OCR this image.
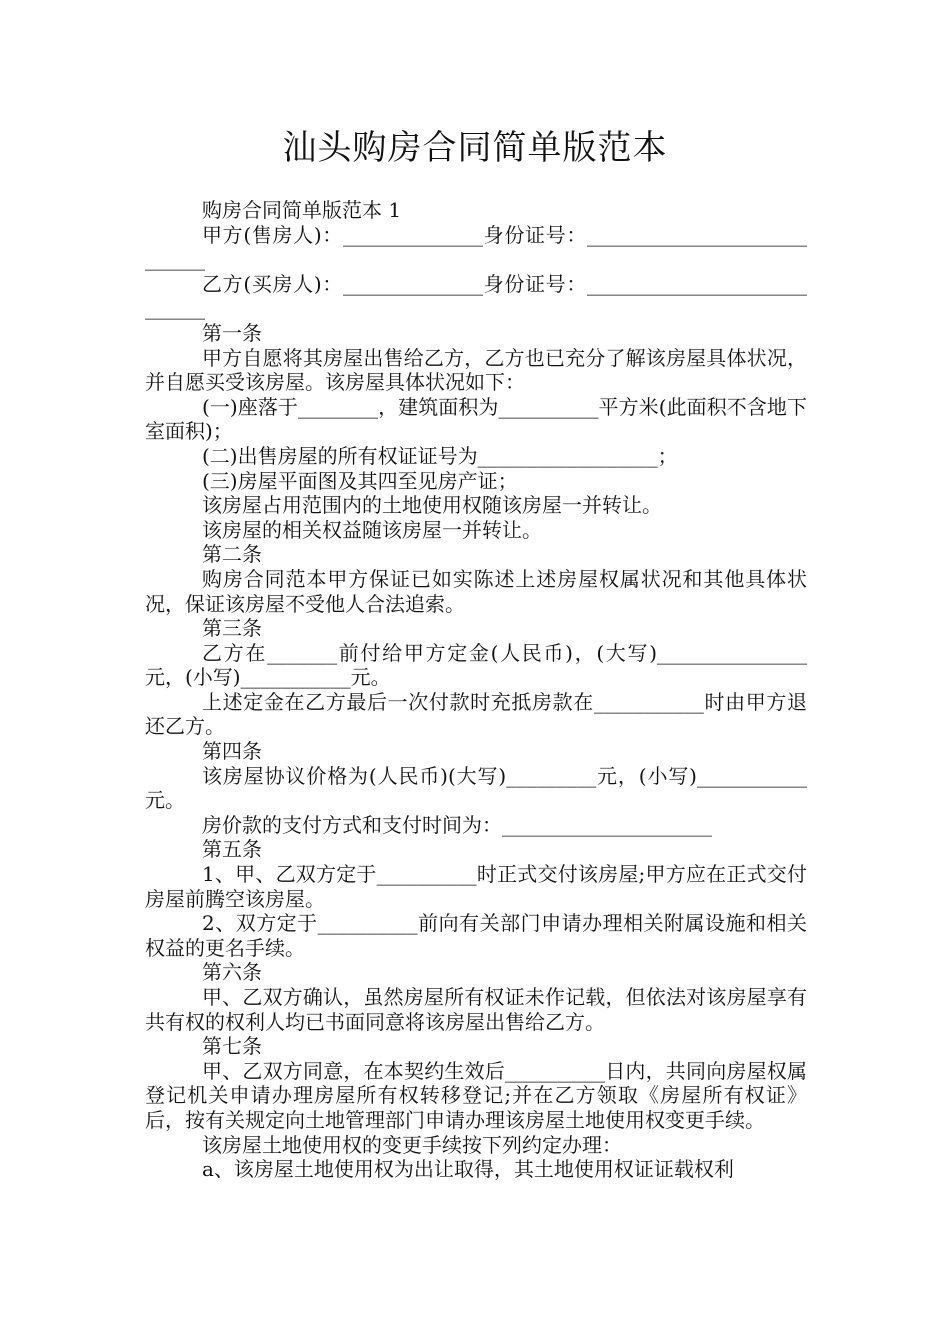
汕头购房合同简单版范本

购房合同简单版范本 1

甲方(售房人)：______________身份证号：____________________________

乙方(买房人)：______________身份证号：____________________________

第一条

甲方自愿将其房屋出售给乙方，乙方也已充分了解该房屋具体状况，并自愿买受该房屋。该房屋具体状况如下：

(一)座落于________，建筑面积为__________平方米(此面积不含地下室面积)；

(二)出售房屋的所有权证证号为__________________；

(三)房屋平面图及其四至见房产证；

该房屋占用范围内的土地使用权随该房屋一并转让。

该房屋的相关权益随该房屋一并转让。

第二条

购房合同范本甲方保证已如实陈述上述房屋权属状况和其他具体状况，保证该房屋不受他人合法追索。

第三条

乙方在_______前付给甲方定金(人民币)，(大写)_______________元，(小写)___________元。

上述定金在乙方最后一次付款时充抵房款在___________时由甲方退还乙方。

第四条

该房屋协议价格为(人民币)(大写)_________元，(小写)___________元。

房价款的支付方式和支付时间为：_____________________

第五条

1、甲、乙双方定于__________时正式交付该房屋;甲方应在正式交付房屋前腾空该房屋。

2、双方定于__________前向有关部门申请办理相关附属设施和相关权益的更名手续。

第六条

甲、乙双方确认，虽然房屋所有权证未作记载，但依法对该房屋享有共有权的权利人均已书面同意将该房屋出售给乙方。

第七条

甲、乙双方同意，在本契约生效后__________日内，共同向房屋权属登记机关申请办理房屋所有权转移登记;并在乙方领取《房屋所有权证》后，按有关规定向土地管理部门申请办理该房屋土地使用权变更手续。

该房屋土地使用权的变更手续按下列约定办理：

a、该房屋土地使用权为出让取得，其土地使用权证证载权利
